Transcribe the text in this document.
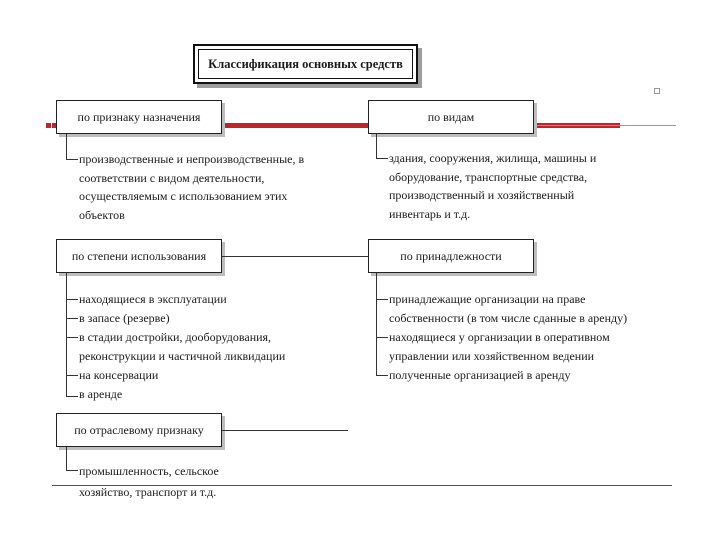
Классификация основных средств
по признаку назначения
производственные и непроизводственные, в
соответствии с видом деятельности,
осуществляемым с использованием этих
объектов
по видам
здания, сооружения, жилища, машины и
оборудование, транспортные средства,
производственный и хозяйственный
инвентарь и т.д.
по степени использования
находящиеся в эксплуатации
в запасе (резерве)
в стадии достройки, дооборудования,
реконструкции и частичной ликвидации
на консервации
в аренде
по принадлежности
принадлежащие организации на праве
собственности (в том числе сданные в аренду)
находящиеся у организации в оперативном
управлении или хозяйственном ведении
полученные организацией в аренду
по отраслевому признаку
промышленность, сельское
хозяйство, транспорт и т.д.
